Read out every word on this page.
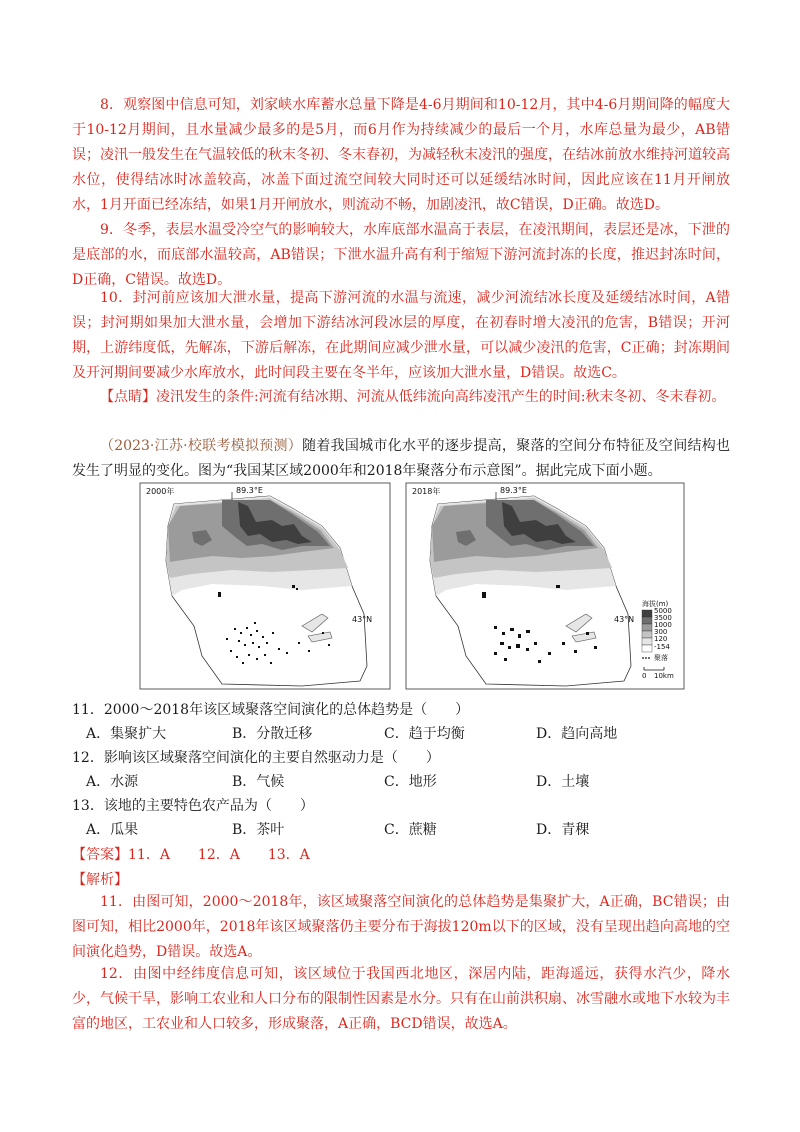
8．观察图中信息可知，刘家峡水库蓄水总量下降是4-6月期间和10-12月，其中4-6月期间降的幅度大于10-12月期间，且水量减少最多的是5月，而6月作为持续减少的最后一个月，水库总量为最少，AB错误；凌汛一般发生在气温较低的秋末冬初、冬末春初，为减轻秋末凌汛的强度，在结冰前放水维持河道较高水位，使得结冰时冰盖较高，冰盖下面过流空间较大同时还可以延缓结冰时间，因此应该在11月开闸放水，1月开面已经冻结，如果1月开闸放水，则流动不畅，加剧凌汛，故C错误，D正确。故选D。
9．冬季，表层水温受冷空气的影响较大，水库底部水温高于表层，在凌汛期间，表层还是冰，下泄的是底部的水，而底部水温较高，AB错误；下泄水温升高有利于缩短下游河流封冻的长度，推迟封冻时间，D正确，C错误。故选D。
10．封河前应该加大泄水量，提高下游河流的水温与流速，减少河流结冰长度及延缓结冰时间，A错误；封河期如果加大泄水量，会增加下游结冰河段冰层的厚度，在初春时增大凌汛的危害，B错误；开河期，上游纬度低，先解冻，下游后解冻，在此期间应减少泄水量，可以减少凌汛的危害，C正确；封冻期间及开河期间要减少水库放水，此时间段主要在冬半年，应该加大泄水量，D错误。故选C。
【点睛】凌汛发生的条件:河流有结冰期、河流从低纬流向高纬凌汛产生的时间:秋末冬初、冬末春初。
（2023·江苏·校联考模拟预测）随着我国城市化水平的逐步提高，聚落的空间分布特征及空间结构也发生了明显的变化。图为“我国某区域2000年和2018年聚落分布示意图”。据此完成下面小题。
2000年	89.3°E
43°N
2018年	89.3°E
43°N
海拔(m)
5000
3500
1000
300
120
-154
聚落
0 10km
11．2000～2018年该区域聚落空间演化的总体趋势是（　　）
A．集聚扩大	B．分散迁移	C．趋于均衡	D．趋向高地
12．影响该区域聚落空间演化的主要自然驱动力是（　　）
A．水源	B．气候	C．地形	D．土壤
13．该地的主要特色农产品为（　　）
A．瓜果	B．茶叶	C．蔗糖	D．青稞
【答案】11．A　　12．A　　13．A
【解析】
11．由图可知，2000～2018年，该区域聚落空间演化的总体趋势是集聚扩大，A正确，BC错误；由图可知，相比2000年，2018年该区域聚落仍主要分布于海拔120m以下的区域，没有呈现出趋向高地的空间演化趋势，D错误。故选A。
12．由图中经纬度信息可知，该区域位于我国西北地区，深居内陆，距海遥远，获得水汽少，降水少，气候干旱，影响工农业和人口分布的限制性因素是水分。只有在山前洪积扇、冰雪融水或地下水较为丰富的地区，工农业和人口较多，形成聚落，A正确，BCD错误，故选A。
